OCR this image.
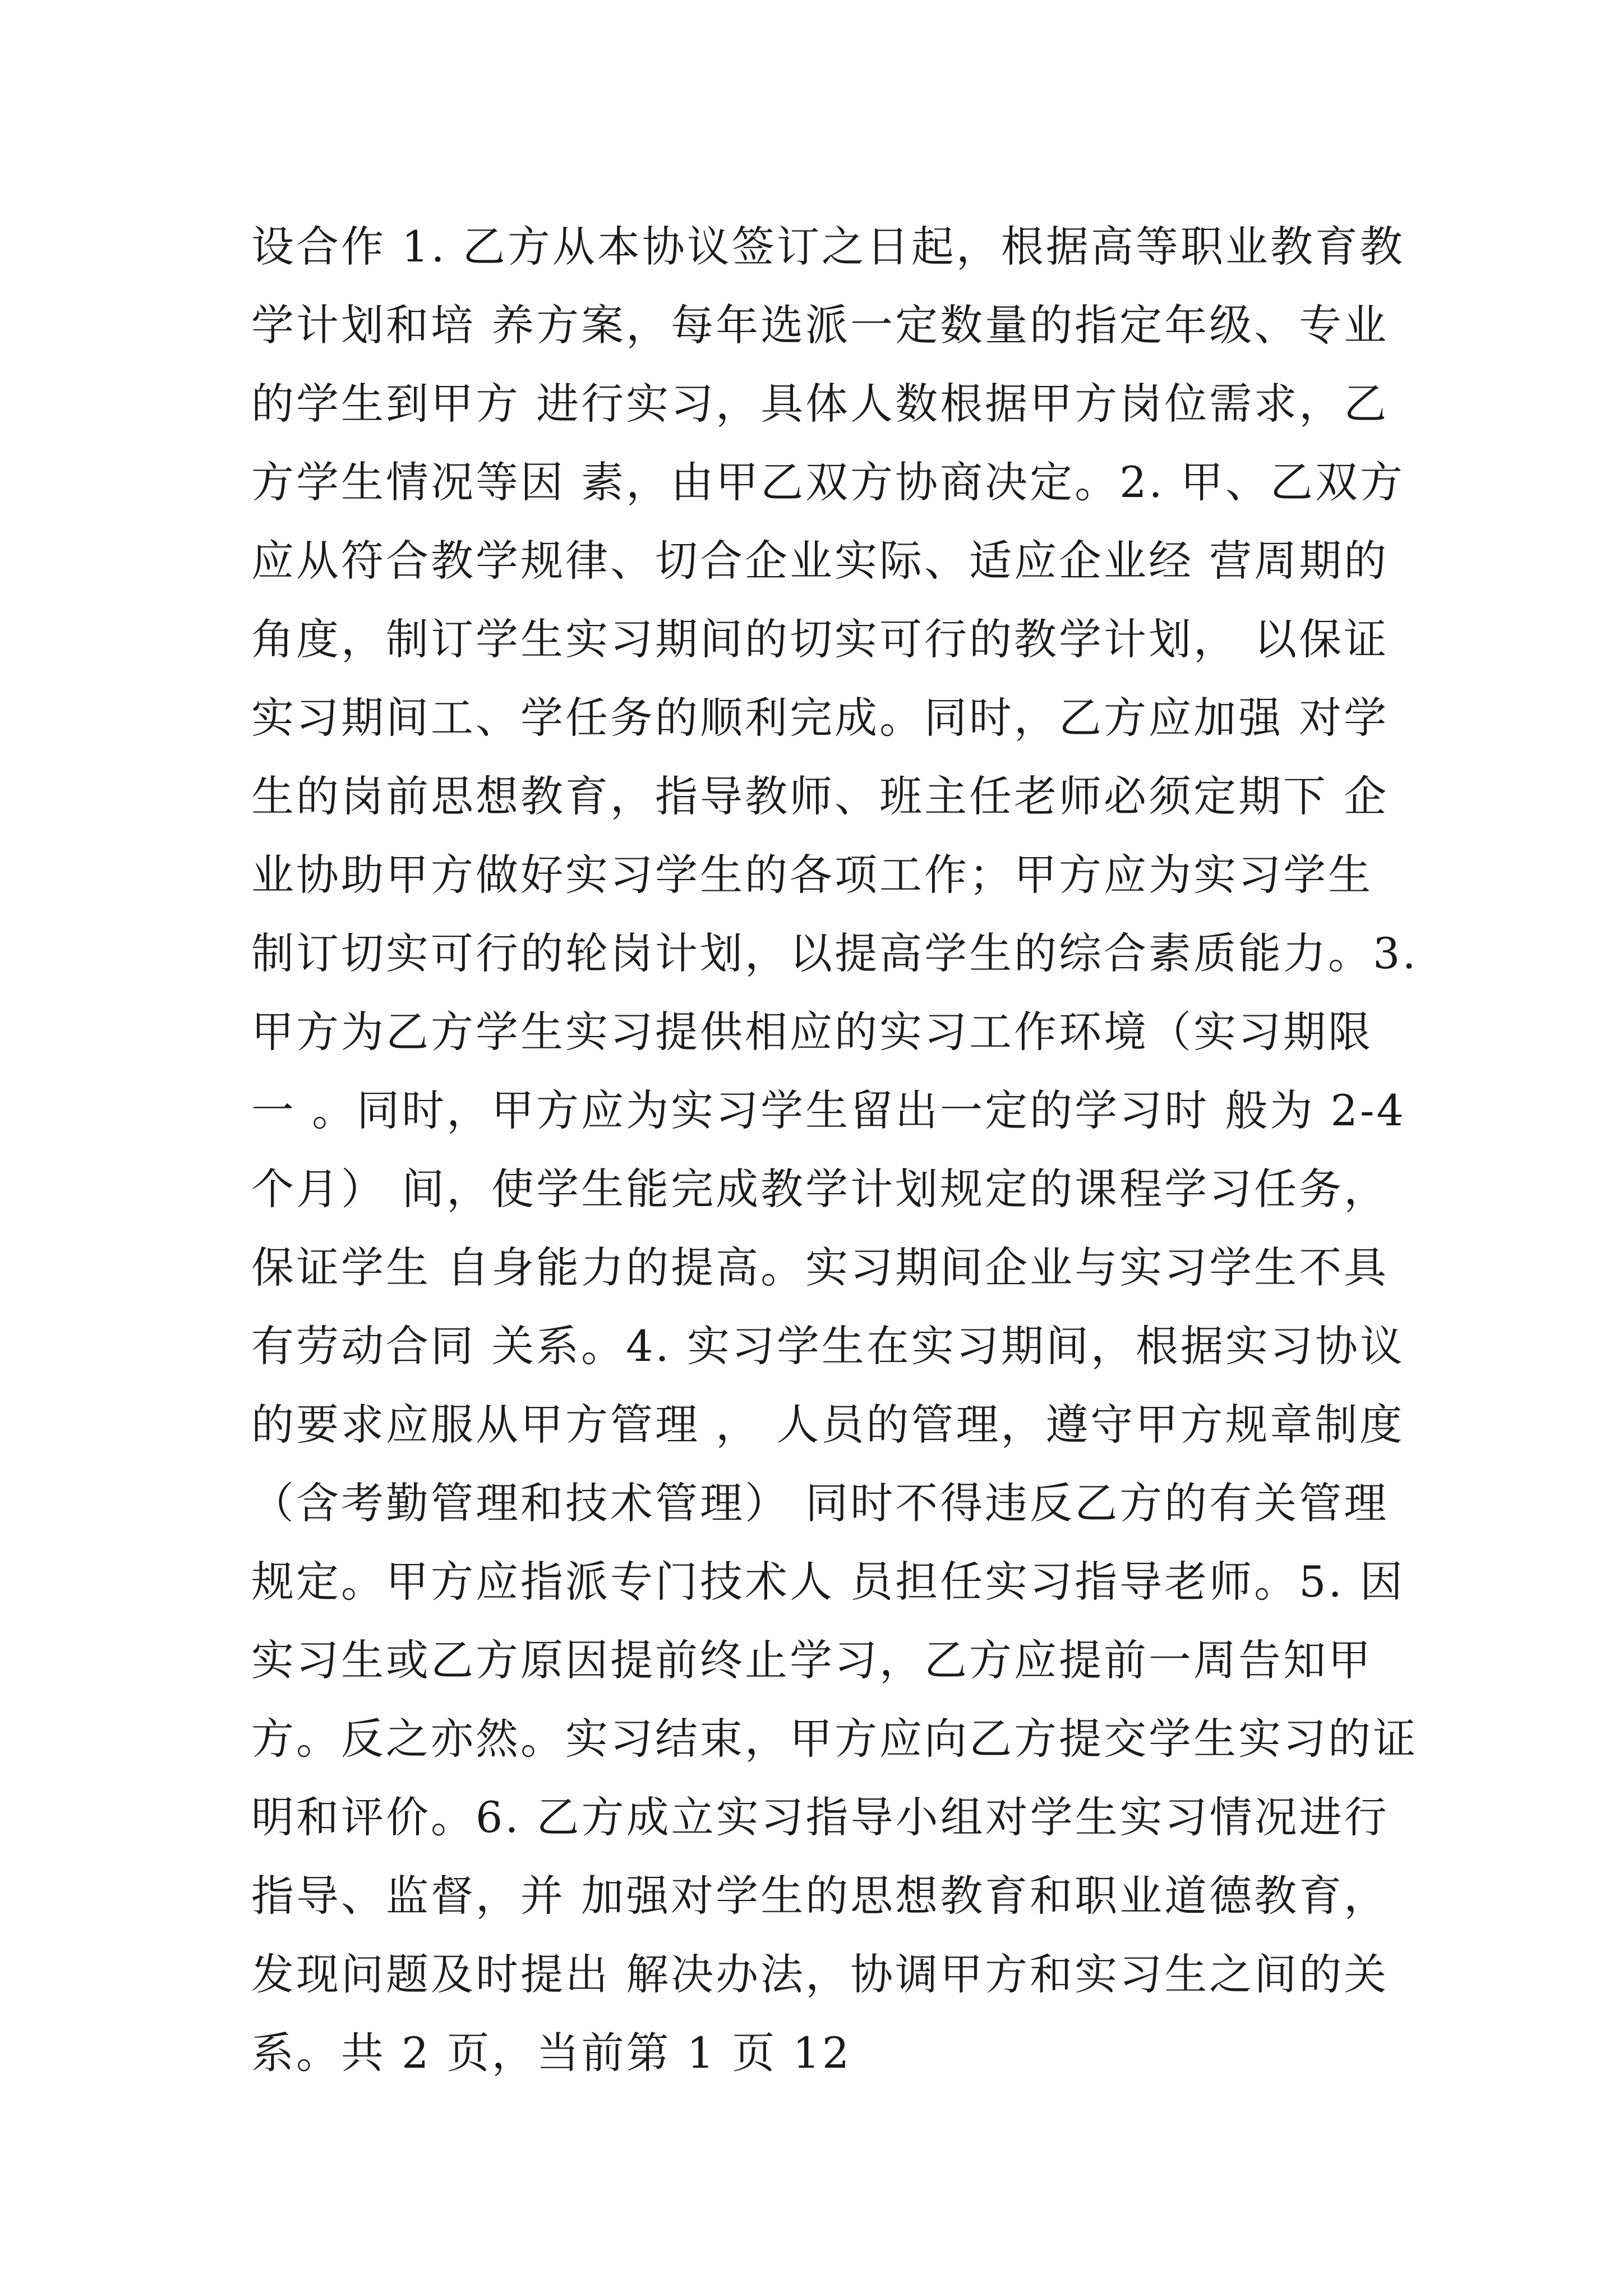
设合作 1. 乙方从本协议签订之日起，根据高等职业教育教
学计划和培 养方案，每年选派一定数量的指定年级、专业
的学生到甲方 进行实习，具体人数根据甲方岗位需求，乙
方学生情况等因 素，由甲乙双方协商决定。2. 甲、乙双方
应从符合教学规律、切合企业实际、适应企业经 营周期的
角度，制订学生实习期间的切实可行的教学计划， 以保证
实习期间工、学任务的顺利完成。同时，乙方应加强 对学
生的岗前思想教育，指导教师、班主任老师必须定期下 企
业协助甲方做好实习学生的各项工作；甲方应为实习学生
制订切实可行的轮岗计划，以提高学生的综合素质能力。3.
甲方为乙方学生实习提供相应的实习工作环境（实习期限
一 。同时，甲方应为实习学生留出一定的学习时 般为 2-4
个月） 间，使学生能完成教学计划规定的课程学习任务，
保证学生 自身能力的提高。实习期间企业与实习学生不具
有劳动合同 关系。4. 实习学生在实习期间，根据实习协议
的要求应服从甲方管理 ， 人员的管理，遵守甲方规章制度
（含考勤管理和技术管理） 同时不得违反乙方的有关管理
规定。甲方应指派专门技术人 员担任实习指导老师。5. 因
实习生或乙方原因提前终止学习，乙方应提前一周告知甲
方。反之亦然。实习结束，甲方应向乙方提交学生实习的证
明和评价。6. 乙方成立实习指导小组对学生实习情况进行
指导、监督，并 加强对学生的思想教育和职业道德教育，
发现问题及时提出 解决办法，协调甲方和实习生之间的关
系。共 2 页，当前第 1 页 12
